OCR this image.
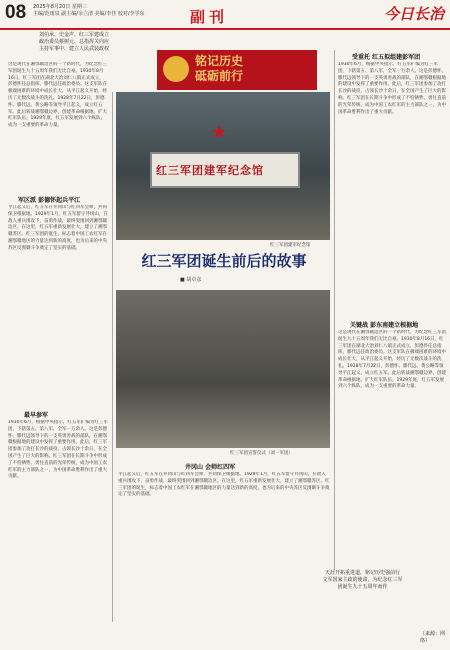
08 2025年8月20日 星期三
主编/范雨泉 副主编/余立清 美编/李佳 校对/李学东	副刊	今日长治
刘伯承、史金声、红三军建成立
政治委员蔡树元、总指挥关向应
主持军事中、建立人民武装政权
铭记历史
砥砺前行
这是现代在湘鄂赣边区的一个新时代，为纪念红三军团诞生九十五周年我们无比自豪。1930年8月16日，红三军团在湖北大冶刘仁八镇正式成立，彭德怀任总指挥，滕代远任政治委员。这支军队在极端困难的环境中成长壮大，从平江起义开始，经历了无数次战斗的洗礼。1928年7月22日，彭德怀、滕代远、黄公略等领导平江起义，成立红五军。此后转战湘鄂赣边界，创建革命根据地，扩大红军队伍。1929年底，红五军发展到六个纵队，成为一支重要的革命力量。
军区派 彭德怀起兵平江
平江起义后，红五军在井冈山与红四军会师，共同保卫根据地。1929年1月，红五军留守井冈山，在敌人重兵围攻下，奋勇作战，最终突围回到湘鄂赣边区。在这里，红五军重新发展壮大，建立了湘鄂赣苏区。红三军团的诞生，标志着中国工农红军在湘鄂赣地区的力量达到新的高度，也为后来的中央苏区反围剿斗争奠定了坚实的基础。
最早参军
1930年6月，根据中央指示，红五军扩编为红三军团，下辖第五、第八军，全军一万余人。这是彭德怀、滕代远领导下的一支英勇善战的部队，在湘鄂赣根据地的建设中发挥了重要作用。此后，红三军团参加了攻打长沙的战役，占领长沙十余日，在全国产生了巨大的影响。红三军团在长期斗争中形成了不怕牺牲、勇往直前的光荣传统，成为中国工农红军的主力部队之一，为中国革命胜利作出了重大贡献。
★
红三军团建军纪念馆
红三军团建军纪念馆
红三军团诞生前后的故事
■ 胡卓彦
红三军团宣誓仪式（刘一军团）
井冈山 会师红四军
平江起义后，红五军在井冈山与红四军会师，共同保卫根据地。1929年1月，红五军留守井冈山，在敌人重兵围攻下，奋勇作战，最终突围回到湘鄂赣边区。在这里，红五军重新发展壮大，建立了湘鄂赣苏区。红三军团的诞生，标志着中国工农红军在湘鄂赣地区的力量达到新的高度，也为后来的中央苏区反围剿斗争奠定了坚实的基础。
受重托 红五拟组建彭军团
1930年6月，根据中央指示，红五军扩编为红三军团，下辖第五、第八军，全军一万余人。这是彭德怀、滕代远领导下的一支英勇善战的部队，在湘鄂赣根据地的建设中发挥了重要作用。此后，红三军团参加了攻打长沙的战役，占领长沙十余日，在全国产生了巨大的影响。红三军团在长期斗争中形成了不怕牺牲、勇往直前的光荣传统，成为中国工农红军的主力部队之一，为中国革命胜利作出了重大贡献。
关键战 彭东南建立根据地
这是现代在湘鄂赣边区的一个新时代，为纪念红三军团诞生九十五周年我们无比自豪。1930年8月16日，红三军团在湖北大冶刘仁八镇正式成立，彭德怀任总指挥，滕代远任政治委员。这支军队在极端困难的环境中成长壮大，从平江起义开始，经历了无数次战斗的洗礼。1928年7月22日，彭德怀、滕代远、黄公略等领导平江起义，成立红五军。此后转战湘鄂赣边界，创建革命根据地，扩大红军队伍。1929年底，红五军发展到六个纵队，成为一支重要的革命力量。
天涯开拓重进道，铭记历史强前行
文军国家主政的使命，为纪念红三军
团诞生九十五周年而作
（来源：网络）
